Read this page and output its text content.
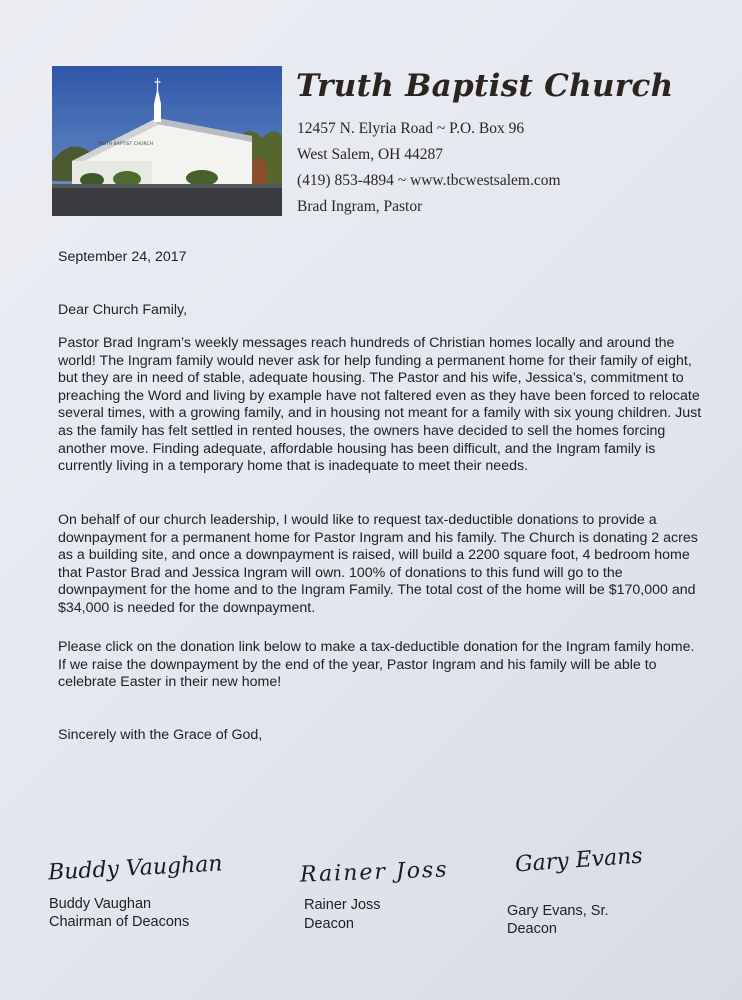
TRUTH BAPTIST CHURCH
Truth Baptist Church
12457 N. Elyria Road ~ P.O. Box 96
West Salem, OH 44287
(419) 853-4894 ~ www.tbcwestsalem.com
Brad Ingram, Pastor
September 24, 2017
Dear Church Family,
Pastor Brad Ingram’s weekly messages reach hundreds of Christian homes locally and around the world! The Ingram family would never ask for help funding a permanent home for their family of eight, but they are in need of stable, adequate housing. The Pastor and his wife, Jessica’s, commitment to preaching the Word and living by example have not faltered even as they have been forced to relocate several times, with a growing family, and in housing not meant for a family with six young children. Just as the family has felt settled in rented houses, the owners have decided to sell the homes forcing another move. Finding adequate, affordable housing has been difficult, and the Ingram family is currently living in a temporary home that is inadequate to meet their needs.
On behalf of our church leadership, I would like to request tax-deductible donations to provide a downpayment for a permanent home for Pastor Ingram and his family. The Church is donating 2 acres as a building site, and once a downpayment is raised, will build a 2200 square foot, 4 bedroom home that Pastor Brad and Jessica Ingram will own. 100% of donations to this fund will go to the downpayment for the home and to the Ingram Family. The total cost of the home will be $170,000 and $34,000 is needed for the downpayment.
Please click on the donation link below to make a tax-deductible donation for the Ingram family home. If we raise the downpayment by the end of the year, Pastor Ingram and his family will be able to celebrate Easter in their new home!
Sincerely with the Grace of God,
Buddy Vaughan
Buddy Vaughan
Chairman of Deacons
Rainer Joss
Rainer Joss
Deacon
Gary Evans
Gary Evans, Sr.
Deacon
